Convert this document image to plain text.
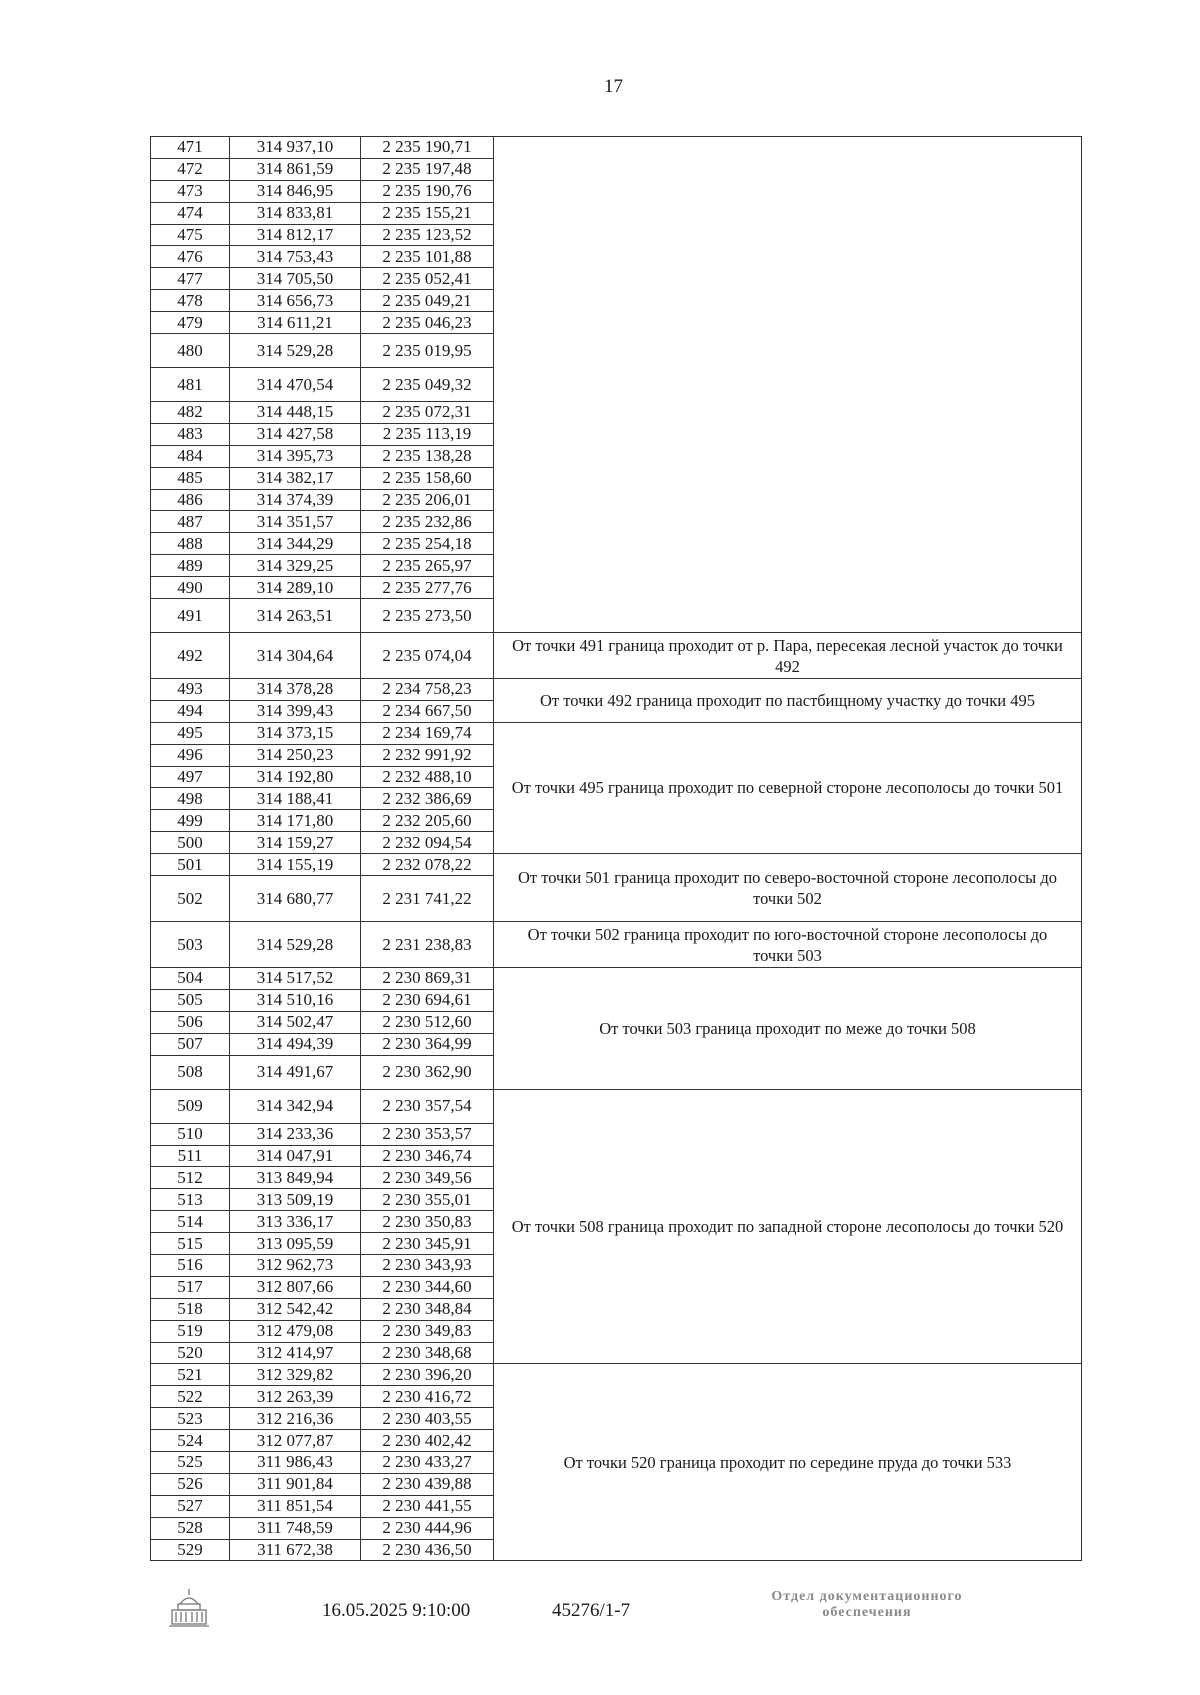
17
471	314 937,10	2 235 190,71	
472	314 861,59	2 235 197,48	
473	314 846,95	2 235 190,76	
474	314 833,81	2 235 155,21	
475	314 812,17	2 235 123,52	
476	314 753,43	2 235 101,88	
477	314 705,50	2 235 052,41	
478	314 656,73	2 235 049,21	
479	314 611,21	2 235 046,23	
480	314 529,28	2 235 019,95	
481	314 470,54	2 235 049,32	
482	314 448,15	2 235 072,31	
483	314 427,58	2 235 113,19	
484	314 395,73	2 235 138,28	
485	314 382,17	2 235 158,60	
486	314 374,39	2 235 206,01	
487	314 351,57	2 235 232,86	
488	314 344,29	2 235 254,18	
489	314 329,25	2 235 265,97	
490	314 289,10	2 235 277,76	
491	314 263,51	2 235 273,50	
492	314 304,64	2 235 074,04	От точки 491 граница проходит от р. Пара, пересекая лесной участок до точки 492
493	314 378,28	2 234 758,23	От точки 492 граница проходит по пастбищному участку до точки 495
494	314 399,43	2 234 667,50	
495	314 373,15	2 234 169,74	От точки 495 граница проходит по северной стороне лесополосы до точки 501
496	314 250,23	2 232 991,92	
497	314 192,80	2 232 488,10	
498	314 188,41	2 232 386,69	
499	314 171,80	2 232 205,60	
500	314 159,27	2 232 094,54	
501	314 155,19	2 232 078,22	От точки 501 граница проходит по северо-восточной стороне лесополосы до точки 502
502	314 680,77	2 231 741,22	
503	314 529,28	2 231 238,83	От точки 502 граница проходит по юго-восточной стороне лесополосы до точки 503
504	314 517,52	2 230 869,31	От точки 503 граница проходит по меже до точки 508
505	314 510,16	2 230 694,61	
506	314 502,47	2 230 512,60	
507	314 494,39	2 230 364,99	
508	314 491,67	2 230 362,90	
509	314 342,94	2 230 357,54	От точки 508 граница проходит по западной стороне лесополосы до точки 520
510	314 233,36	2 230 353,57	
511	314 047,91	2 230 346,74	
512	313 849,94	2 230 349,56	
513	313 509,19	2 230 355,01	
514	313 336,17	2 230 350,83	
515	313 095,59	2 230 345,91	
516	312 962,73	2 230 343,93	
517	312 807,66	2 230 344,60	
518	312 542,42	2 230 348,84	
519	312 479,08	2 230 349,83	
520	312 414,97	2 230 348,68	
521	312 329,82	2 230 396,20	От точки 520 граница проходит по середине пруда до точки 533
522	312 263,39	2 230 416,72	
523	312 216,36	2 230 403,55	
524	312 077,87	2 230 402,42	
525	311 986,43	2 230 433,27	
526	311 901,84	2 230 439,88	
527	311 851,54	2 230 441,55	
528	311 748,59	2 230 444,96	
529	311 672,38	2 230 436,50	
16.05.2025 9:10:00	45276/1-7
Отдел документационного
обеспечения
